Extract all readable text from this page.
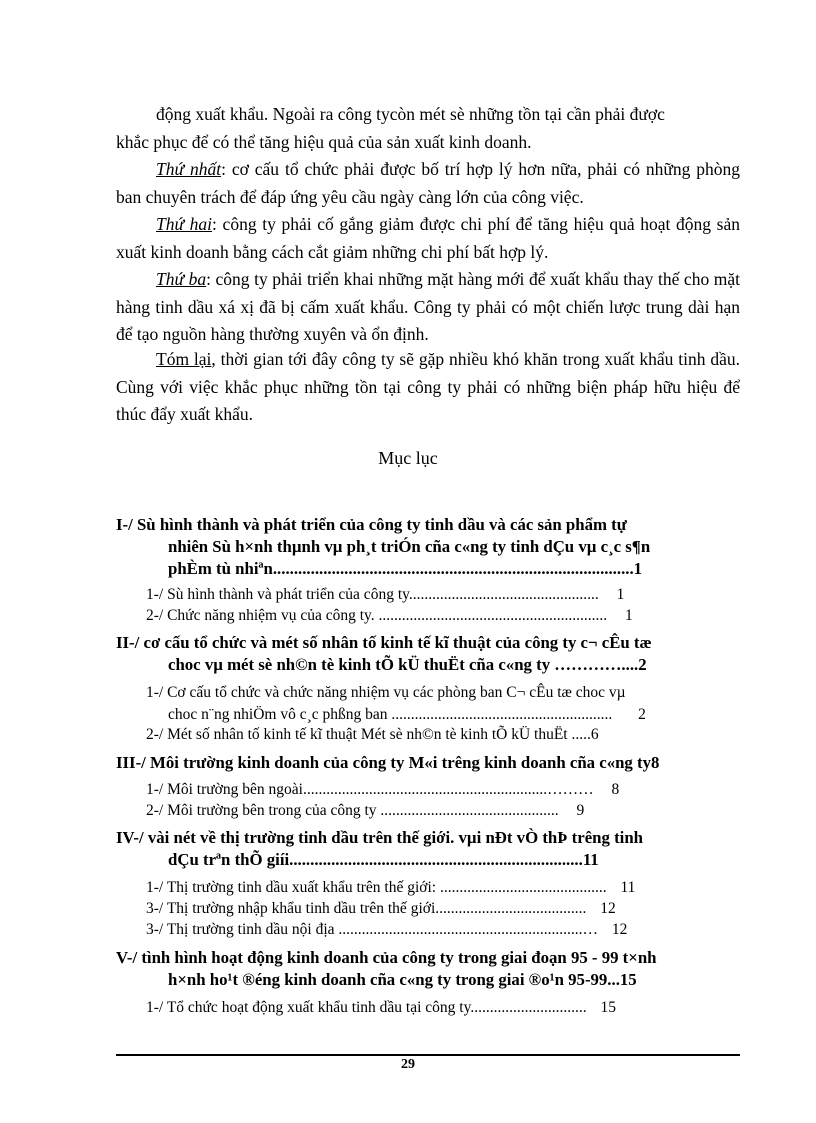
động xuất khẩu. Ngoài ra công tycòn mét sè những tồn tại cần phải được
khắc phục để có thể tăng hiệu quả của sản xuất kinh doanh.

Thứ nhất: cơ cấu tổ chức phải được bố trí hợp lý hơn nữa, phải có những phòng ban chuyên trách để đáp ứng yêu cầu ngày càng lớn của công việc.

Thứ hai: công ty phải cố gắng giảm được chi phí để tăng hiệu quả hoạt động sản xuất kinh doanh bằng cách cắt giảm những chi phí bất hợp lý.

Thứ ba: công ty phải triển khai những mặt hàng mới để xuất khẩu thay thế cho mặt hàng tinh dầu xá xị đã bị cấm xuất khẩu. Công ty phải có một chiến lược trung dài hạn để tạo nguồn hàng thường xuyên và ổn định.

Tóm lại, thời gian tới đây công ty sẽ gặp nhiều khó khăn trong xuất khẩu tinh dầu. Cùng với việc khắc phục những tồn tại công ty phải có những biện pháp hữu hiệu để thúc đẩy xuất khẩu.

Mục lục

I-/ Sù hình thành và phát triển của công ty tinh dầu và các sản phẩm tự
nhiên Sù h×nh thµnh vµ ph¸t triÓn cña c«ng ty tinh dÇu vµ c¸c s¶n
phÈm tù nhiªn......................................................................................1
1-/ Sù hình thành và phát triển của công ty................................................. 1
2-/ Chức năng nhiệm vụ của công ty. ........................................................... 1
II-/ cơ cấu tổ chức và mét số nhân tố kinh tế kĩ thuật của công ty c¬ cÊu tæ
choc vµ mét sè nh©n tè kinh tÕ kÜ thuËt cña c«ng ty …………....2
1-/ Cơ cấu tổ chức và chức năng nhiệm vụ các phòng ban C¬ cÊu tæ choc vµ
choc n¨ng nhiÖm vô c¸c phßng ban ......................................................... 2
2-/ Mét số nhân tố kinh tế kĩ thuật Mét sè nh©n tè kinh tÕ kÜ thuËt .....6
III-/ Môi trường kinh doanh của công ty M«i trêng kinh doanh cña c«ng ty8
1-/ Môi trường bên ngoài...............................................................……… 8
2-/ Môi trường bên trong của công ty .............................................. 9
IV-/ vài nét về thị trường tinh dầu trên thế giới. vµi nÐt vÒ thÞ trêng tinh
dÇu trªn thÕ giíi......................................................................11
1-/ Thị trường tinh dầu xuất khẩu trên thế giới: ........................................... 11
3-/ Thị trường nhập khẩu tinh dầu trên thế giới....................................... 12
3-/ Thị trường tinh dầu nội địa ...............................................................… 12
V-/ tình hình hoạt động kinh doanh của công ty trong giai đoạn 95 - 99 t×nh
h×nh ho¹t ®éng kinh doanh cña c«ng ty trong giai ®o¹n 95-99...15
1-/ Tổ chức hoạt động xuất khẩu tinh dầu tại công ty.............................. 15
29
